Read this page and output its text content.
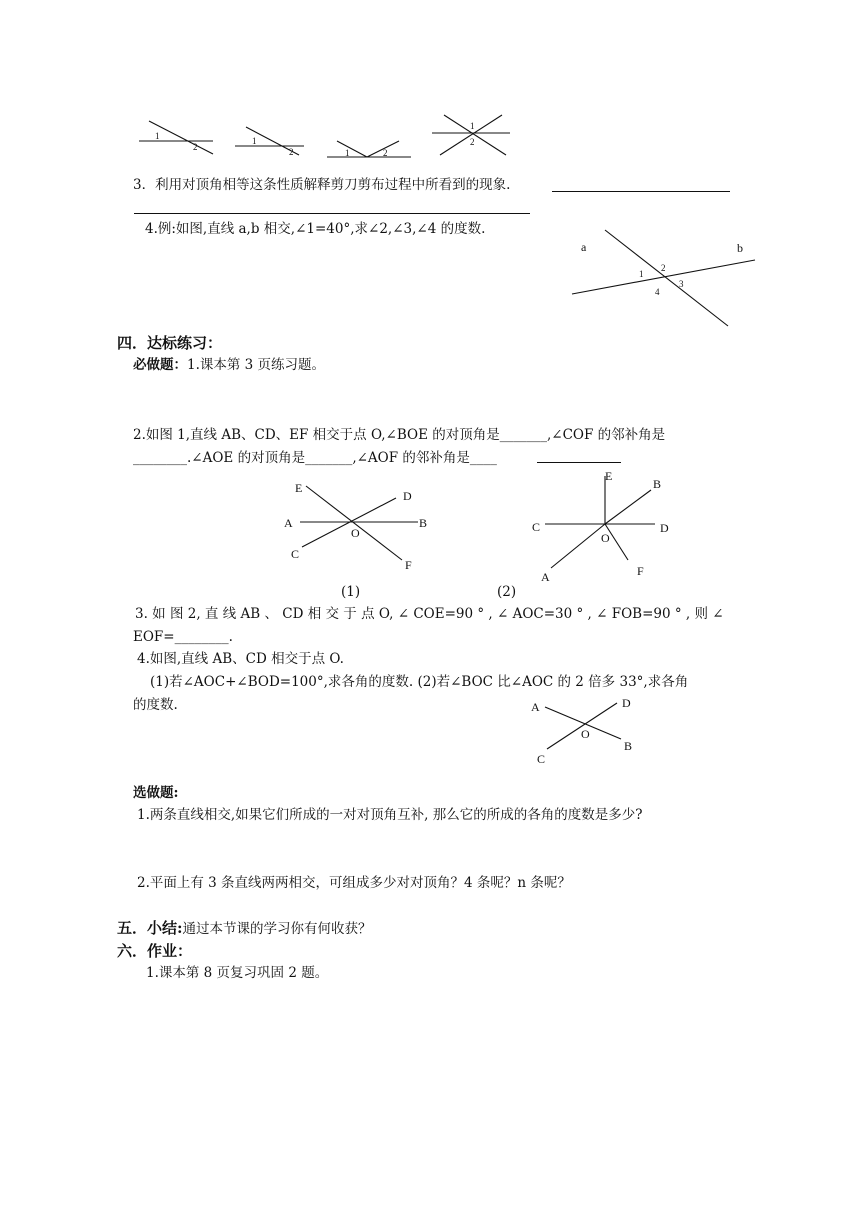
1
2
1
2	1	2
1
2
3．利用对顶角相等这条性质解释剪刀剪布过程中所看到的现象.
4.例:如图,直线 a,b 相交,∠1=40°,求∠2,∠3,∠4 的度数.
a	b
1
2
3
4
四．达标练习：
必做题：1.课本第 3 页练习题。
2.如图 1,直线 AB、CD、EF 相交于点 O,∠BOE 的对顶角是_______,∠COF 的邻补角是
________.∠AOE 的对顶角是_______,∠AOF 的邻补角是____
E
D
A	B
O
C
F
(1)
E
B
C	D
O
A	F
(2)
3. 如 图 2, 直 线 AB 、 CD 相 交 于 点 O, ∠ COE=90 ° , ∠ AOC=30 ° , ∠ FOB=90 ° , 则 ∠
EOF=________.
4.如图,直线 AB、CD 相交于点 O.
(1)若∠AOC+∠BOD=100°,求各角的度数. (2)若∠BOC 比∠AOC 的 2 倍多 33°,求各角
的度数.	A	D
O
B
C
选做题:
1.两条直线相交,如果它们所成的一对对顶角互补, 那么它的所成的各角的度数是多少?
2.平面上有 3 条直线两两相交，可组成多少对对顶角？4 条呢？n 条呢？
五．小结:通过本节课的学习你有何收获？
六．作业：
1.课本第 8 页复习巩固 2 题。
